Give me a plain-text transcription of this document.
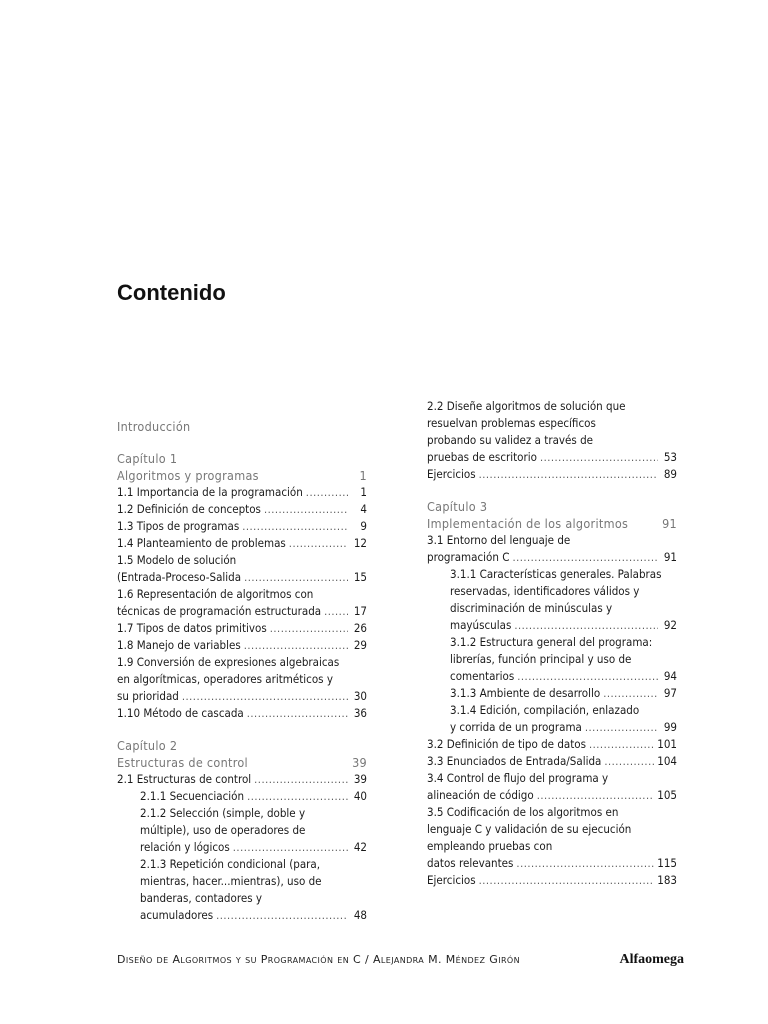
Contenido
Introducción
Capítulo 1
Algoritmos y programas	1
1.1 Importancia de la programación .....	1
1.2 Definición de conceptos .....	4
1.3 Tipos de programas .....	9
1.4 Planteamiento de problemas .....	12
1.5 Modelo de solución
(Entrada-Proceso-Salida .....	15
1.6 Representación de algoritmos con
técnicas de programación estructurada .....	17
1.7 Tipos de datos primitivos .....	26
1.8 Manejo de variables .....	29
1.9 Conversión de expresiones algebraicas
en algorítmicas, operadores aritméticos y
su prioridad .....	30
1.10 Método de cascada .....	36
Capítulo 2
Estructuras de control	39
2.1 Estructuras de control .....	39
2.1.1 Secuenciación .....	40
2.1.2 Selección (simple, doble y
múltiple), uso de operadores de
relación y lógicos .....	42
2.1.3 Repetición condicional (para,
mientras, hacer...mientras), uso de
banderas, contadores y
acumuladores .....	48
2.2 Diseñe algoritmos de solución que
resuelvan problemas específicos
probando su validez a través de
pruebas de escritorio .....	53
Ejercicios .....	89
Capítulo 3
Implementación de los algoritmos	91
3.1 Entorno del lenguaje de
programación C .....	91
3.1.1 Características generales. Palabras
reservadas, identificadores válidos y
discriminación de minúsculas y
mayúsculas .....	92
3.1.2 Estructura general del programa:
librerías, función principal y uso de
comentarios .....	94
3.1.3 Ambiente de desarrollo .....	97
3.1.4 Edición, compilación, enlazado
y corrida de un programa .....	99
3.2 Definición de tipo de datos .....	101
3.3 Enunciados de Entrada/Salida .....	104
3.4 Control de flujo del programa y
alineación de código .....	105
3.5 Codificación de los algoritmos en
lenguaje C y validación de su ejecución
empleando pruebas con
datos relevantes .....	115
Ejercicios .....	183
Diseño de Algoritmos y su Programación en C / Alejandra M. Méndez Girón	Alfaomega
